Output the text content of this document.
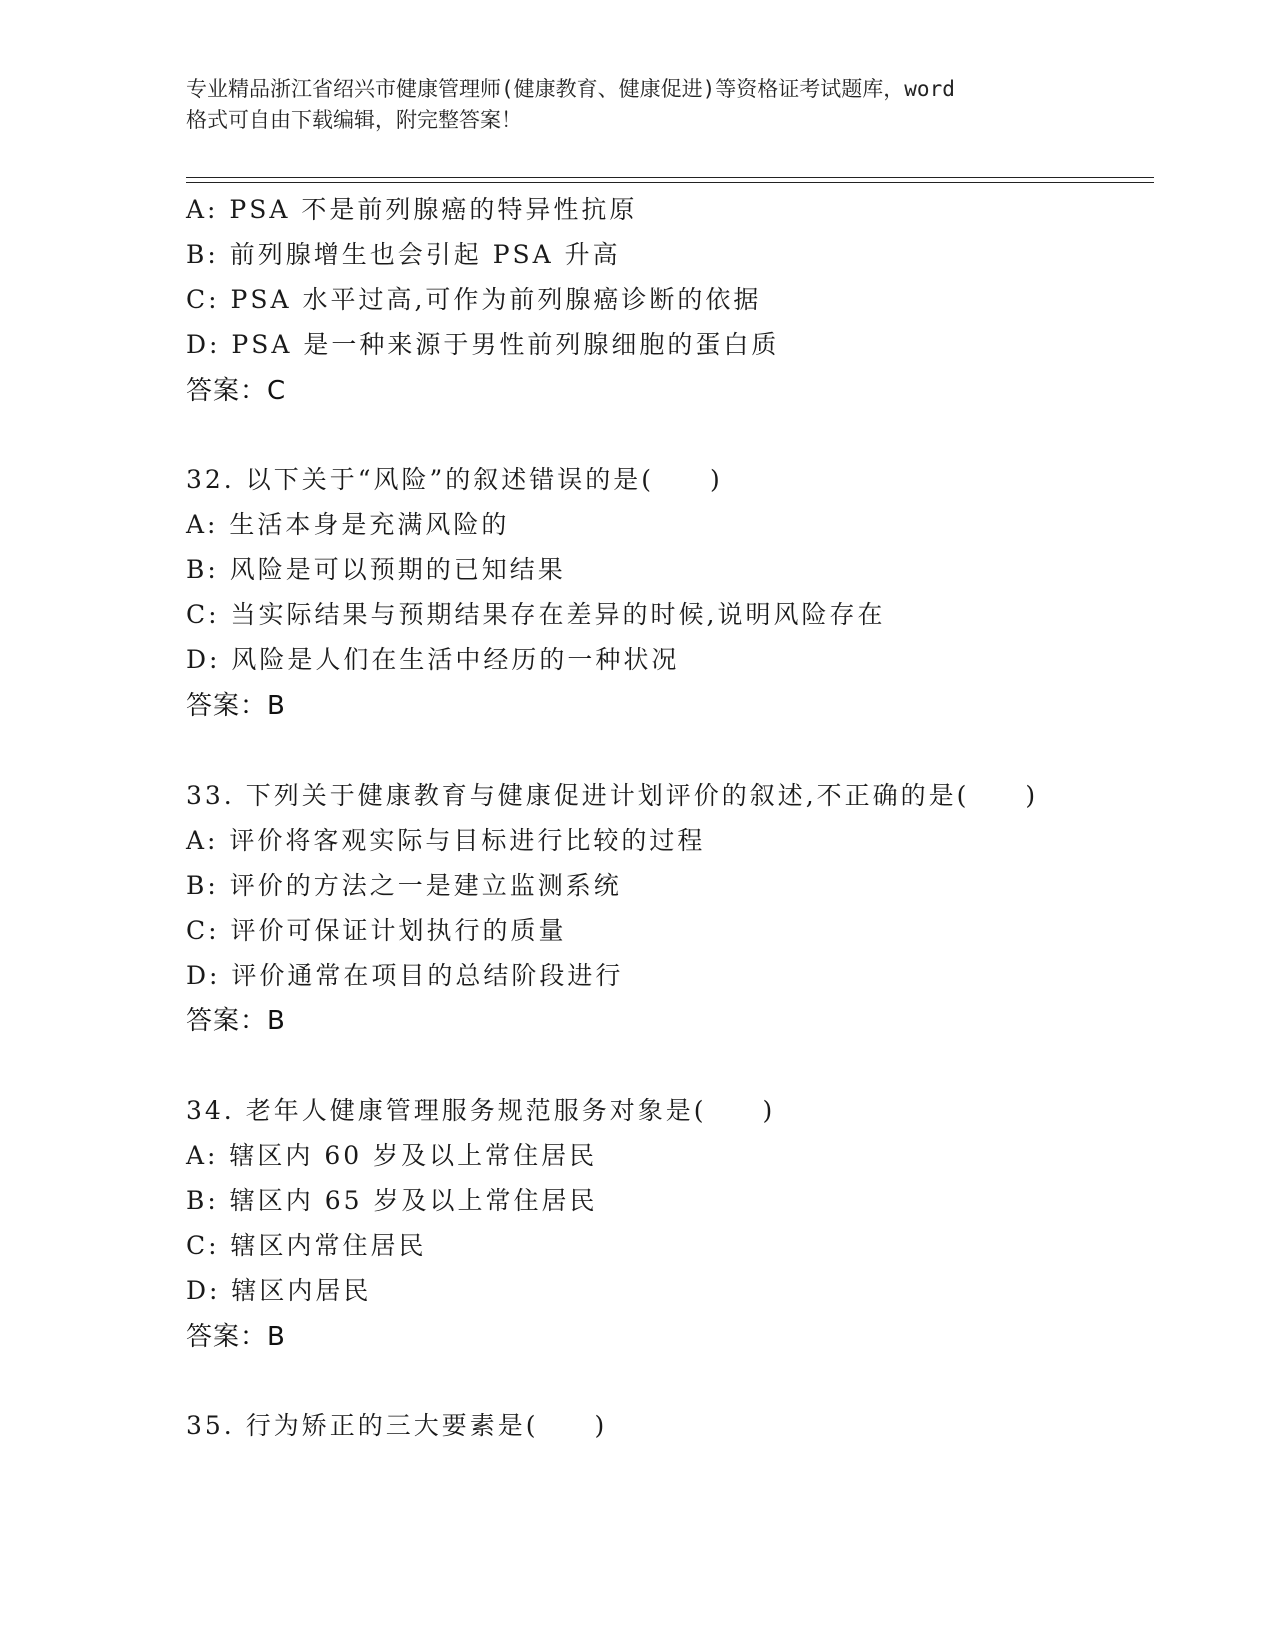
专业精品浙江省绍兴市健康管理师(健康教育、健康促进)等资格证考试题库，word
格式可自由下载编辑，附完整答案！
A: PSA 不是前列腺癌的特异性抗原
B: 前列腺增生也会引起 PSA 升高
C: PSA 水平过高,可作为前列腺癌诊断的依据
D: PSA 是一种来源于男性前列腺细胞的蛋白质
答案：C
32. 以下关于“风险”的叙述错误的是(　　)
A: 生活本身是充满风险的
B: 风险是可以预期的已知结果
C: 当实际结果与预期结果存在差异的时候,说明风险存在
D: 风险是人们在生活中经历的一种状况
答案：B
33. 下列关于健康教育与健康促进计划评价的叙述,不正确的是(　　)
A: 评价将客观实际与目标进行比较的过程
B: 评价的方法之一是建立监测系统
C: 评价可保证计划执行的质量
D: 评价通常在项目的总结阶段进行
答案：B
34. 老年人健康管理服务规范服务对象是(　　)
A: 辖区内 60 岁及以上常住居民
B: 辖区内 65 岁及以上常住居民
C: 辖区内常住居民
D: 辖区内居民
答案：B
35. 行为矫正的三大要素是(　　)
